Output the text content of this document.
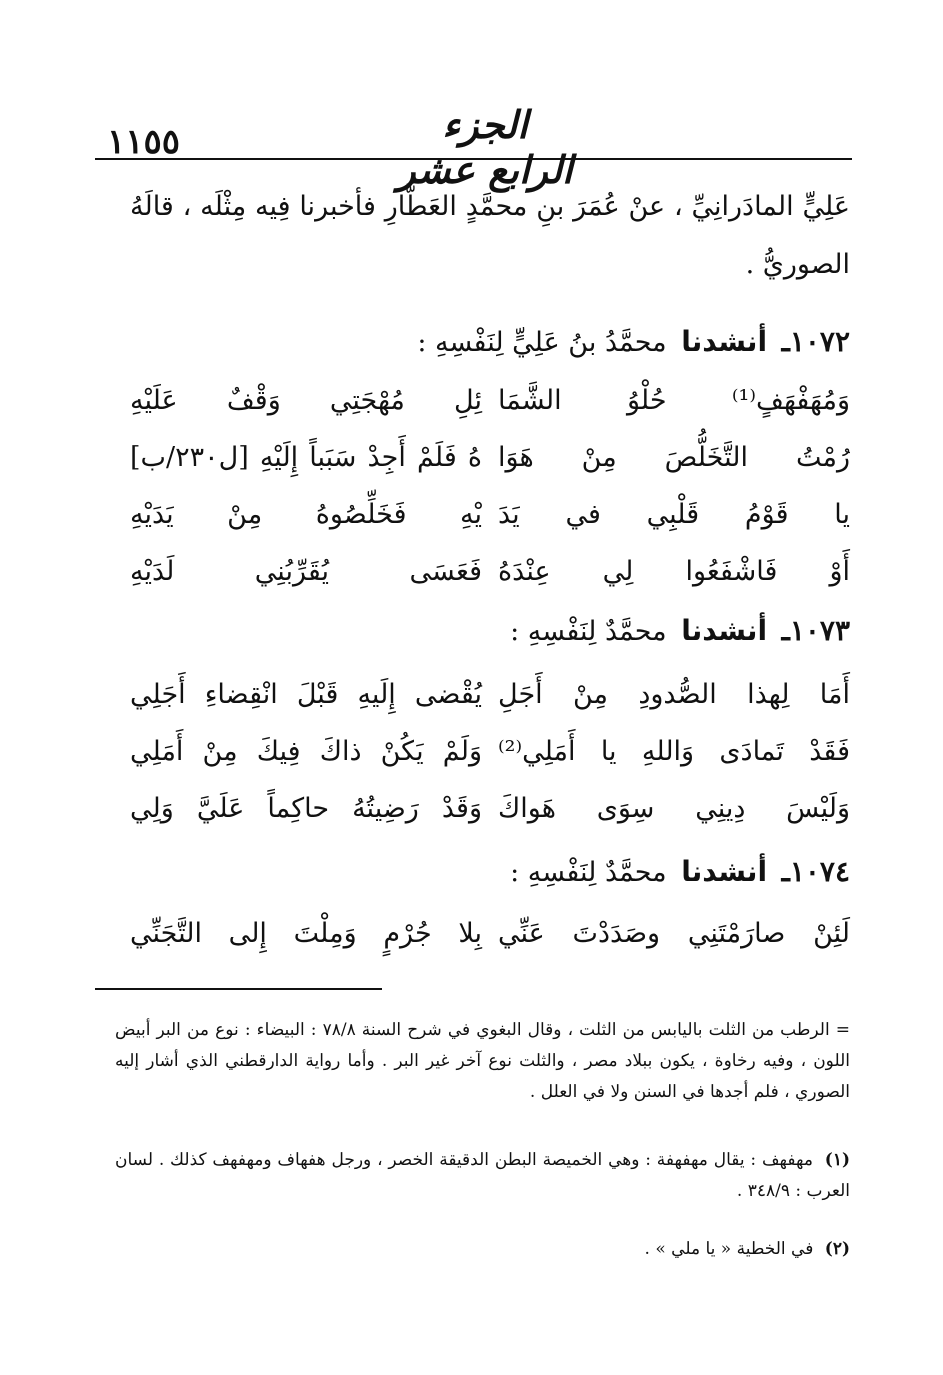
١١٥٥	الجزء الرابع عشر
عَلِيٍّ المادَرانِيِّ ، عنْ عُمَرَ بنِ محمَّدٍ العَطَّارِ فأخبرنا فِيه مِثْلَه ، قالَهُ الصوريُّ .
١٠٧٢ـ أنشدنا محمَّدُ بنُ عَلِيٍّ لِنَفْسِهِ :
وَمُهَفْهَفٍ⁽¹⁾ حُلْوُ الشَّمَا
ئِلِ مُهْجَتِي وَقْفٌ عَلَيْهِ
رُمْتُ التَّخَلُّصَ مِنْ هَوَا
هُ فَلَمْ أَجِدْ سَبَباً إِلَيْهِ [ل٢٣٠/ب]
يا قَوْمُ قَلْبِي في يَدَ
يْهِ فَخَلِّصُوهُ مِنْ يَدَيْهِ
أَوْ فَاشْفَعُوا لِي عِنْدَهُ
فَعَسَى يُقَرِّبُنِي لَدَيْهِ
١٠٧٣ـ أنشدنا محمَّدٌ لِنَفْسِهِ :
أَمَا لِهذا الصُّدودِ مِنْ أَجَلِ
يُقْضى إِلَيهِ قَبْلَ انْقِضاءِ أَجَلِي
فَقَدْ تَمادَى وَاللهِ يا أَمَلِي⁽²⁾
وَلَمْ يَكُنْ ذاكَ فِيكَ مِنْ أَمَلِي
وَلَيْسَ دِينِي سِوَى هَواكَ
وَقَدْ رَضِيتُهُ حاكِماً عَلَيَّ وَلِي
١٠٧٤ـ أنشدنا محمَّدٌ لِنَفْسِهِ :
لَئِنْ صارَمْتَنِي وصَدَدْتَ عَنِّي
بِلا جُرْمٍ وَمِلْتَ إِلى التَّجَنِّي
= الرطب من الثلت باليابس من الثلت ، وقال البغوي في شرح السنة ٧٨/٨ : البيضاء : نوع من البر أبيض اللون ، وفيه رخاوة ، يكون ببلاد مصر ، والثلت نوع آخر غير البر . وأما رواية الدارقطني الذي أشار إليه الصوري ، فلم أجدها في السنن ولا في العلل .
(١) مهفهف : يقال مهفهفة : وهي الخميصة البطن الدقيقة الخصر ، ورجل هفهاف ومهفهف كذلك . لسان العرب : ٣٤٨/٩ .
(٢) في الخطية « يا ملي » .
